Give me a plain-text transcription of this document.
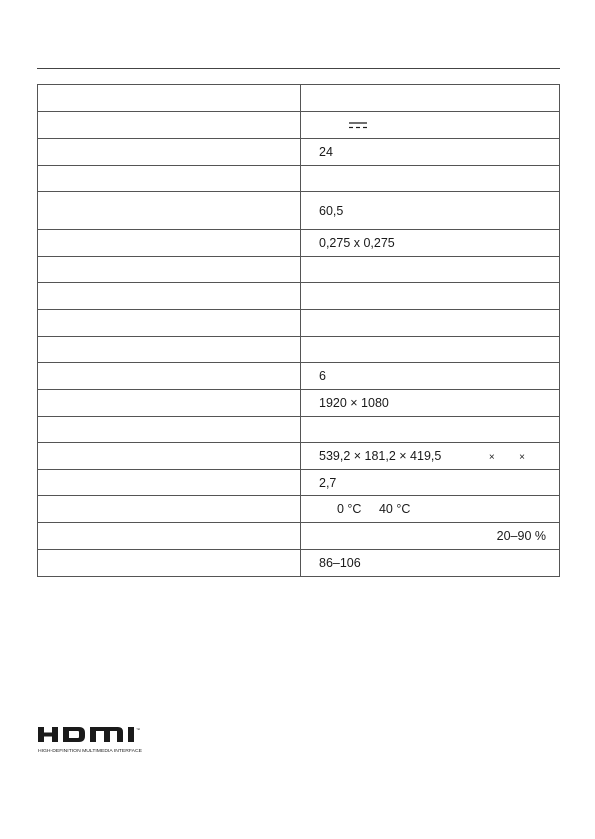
	24

	60,5
	0,275 x 0,275

	6
	1920 × 1080

	539,2 × 181,2 × 419,5 × ×
	2,7
	0 °C 40 °C
	20–90 %
	86–106
™
HIGH-DEFINITION MULTIMEDIA INTERFACE
